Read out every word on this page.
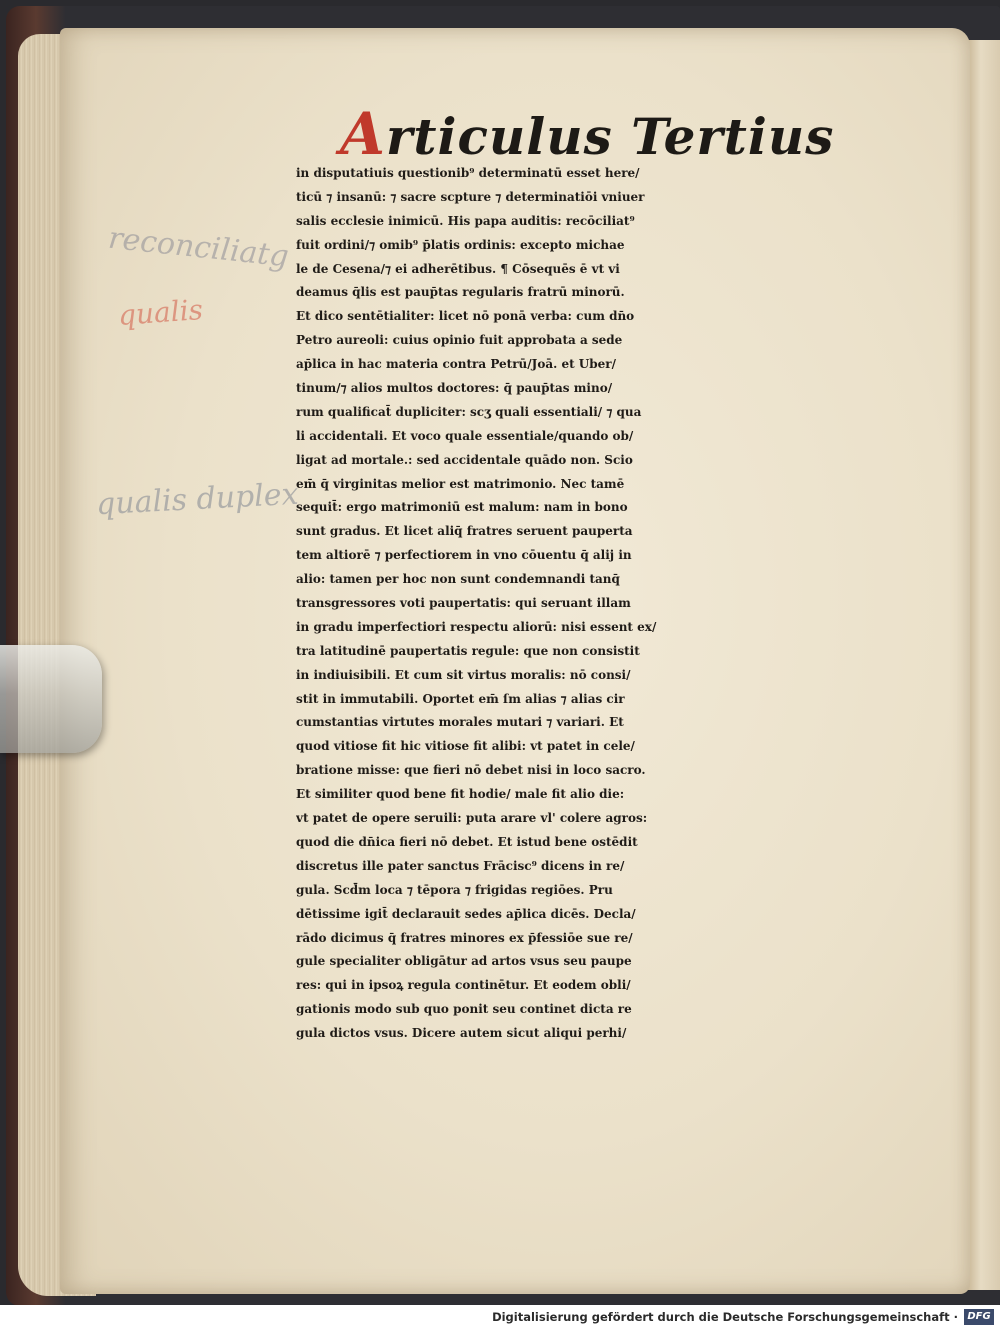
reconciliatg
qualis
qualis duplex
Articulus Tertius
in disputatiuis questionib⁹ determinatū esset here/
ticū ⁊ insanū: ⁊ sacre scpture ⁊ determinatiōi vniuer
salis ecclesie inimicū. His papa auditis: recōciliat⁹
fuit ordini/⁊ omib⁹ p̄latis ordinis: excepto michae
le de Cesena/⁊ ei adherētibus. ¶ Cōsequēs ē vt vi
deamus q̄lis est paup̄tas regularis fratrū minorū.
Et dico sentētialiter: licet nō ponā verba: cum dn̄o
Petro aureoli: cuius opinio fuit approbata a sede
ap̄lica in hac materia contra Petrū/Joā. et Uber/
tinum/⁊ alios multos doctores: q̄ paup̄tas mino/
rum qualificat̄ dupliciter: scʒ quali essentiali/ ⁊ qua
li accidentali. Et voco quale essentiale/quando ob/
ligat ad mortale.: sed accidentale quādo non. Scio
em̄ q̄ virginitas melior est matrimonio. Nec tamē
sequit̄: ergo matrimoniū est malum: nam in bono
sunt gradus. Et licet aliq̄ fratres seruent pauperta
tem altiorē ⁊ perfectiorem in vno cōuentu q̄ alij in
alio: tamen per hoc non sunt condemnandi tanq̄
transgressores voti paupertatis: qui seruant illam
in gradu imperfectiori respectu aliorū: nisi essent ex/
tra latitudinē paupertatis regule: que non consistit
in indiuisibili. Et cum sit virtus moralis: nō consi/
stit in immutabili. Oportet em̄ ſm alias ⁊ alias cir
cumstantias virtutes morales mutari ⁊ variari. Et
quod vitiose fit hic vitiose fit alibi: vt patet in cele/
bratione misse: que fieri nō debet nisi in loco sacro.
Et similiter quod bene fit hodie/ male fit alio die:
vt patet de opere seruili: puta arare vl' colere agros:
quod die dn̄ica fieri nō debet. Et istud bene ostēdit
discretus ille pater sanctus Frācisc⁹ dicens in re/
gula. Scd̄m loca ⁊ tēpora ⁊ frigidas regiōes. Pru
dētissime igit̄ declarauit sedes ap̄lica dicēs. Decla/
rādo dicimus q̄ fratres minores ex p̄fessiōe sue re/
gule specialiter obligātur ad artos vsus seu paupe
res: qui in ipsoꝝ regula continētur. Et eodem obli/
gationis modo sub quo ponit seu continet dicta re
gula dictos vsus. Dicere autem sicut aliqui perhi/
Digitalisierung gefördert durch die Deutsche Forschungsgemeinschaft · DFG
